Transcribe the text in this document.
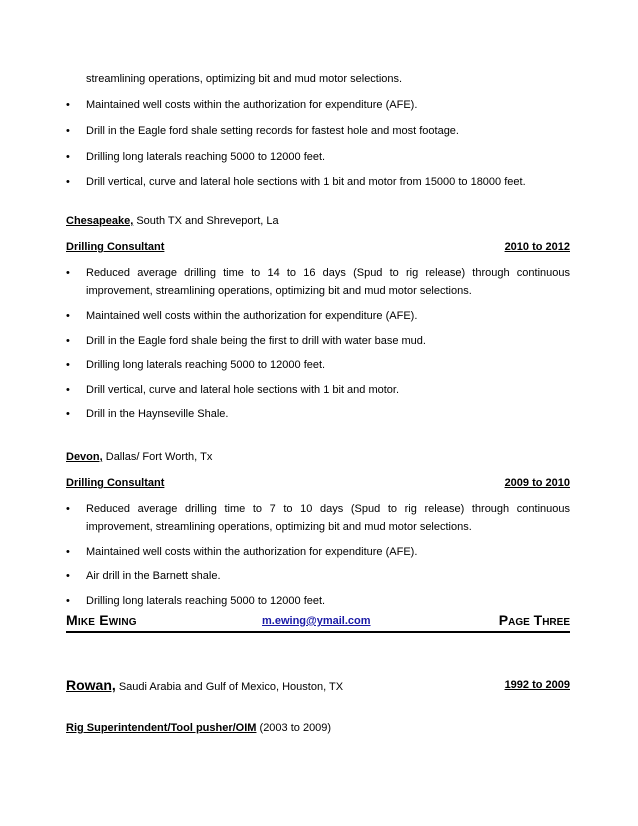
streamlining operations, optimizing bit and mud motor selections.
• Maintained well costs within the authorization for expenditure (AFE).
• Drill in the Eagle ford shale setting records for fastest hole and most footage.
• Drilling long laterals reaching 5000 to 12000 feet.
• Drill vertical, curve and lateral hole sections with 1 bit and motor from 15000 to 18000 feet.
Chesapeake, South TX and Shreveport, La
Drilling Consultant	2010 to 2012
• Reduced average drilling time to 14 to 16 days (Spud to rig release) through continuous
improvement, streamlining operations, optimizing bit and mud motor selections.
• Maintained well costs within the authorization for expenditure (AFE).
• Drill in the Eagle ford shale being the first to drill with water base mud.
• Drilling long laterals reaching 5000 to 12000 feet.
• Drill vertical, curve and lateral hole sections with 1 bit and motor.
• Drill in the Haynseville Shale.
Devon, Dallas/ Fort Worth, Tx
Drilling Consultant	2009 to 2010
• Reduced average drilling time to 7 to 10 days (Spud to rig release) through continuous
improvement, streamlining operations, optimizing bit and mud motor selections.
• Maintained well costs within the authorization for expenditure (AFE).
• Air drill in the Barnett shale.
• Drilling long laterals reaching 5000 to 12000 feet.
Mike Ewing	m.ewing@ymail.com	Page Three
Rowan, Saudi Arabia and Gulf of Mexico, Houston, TX	1992 to 2009
Rig Superintendent/Tool pusher/OIM (2003 to 2009)
